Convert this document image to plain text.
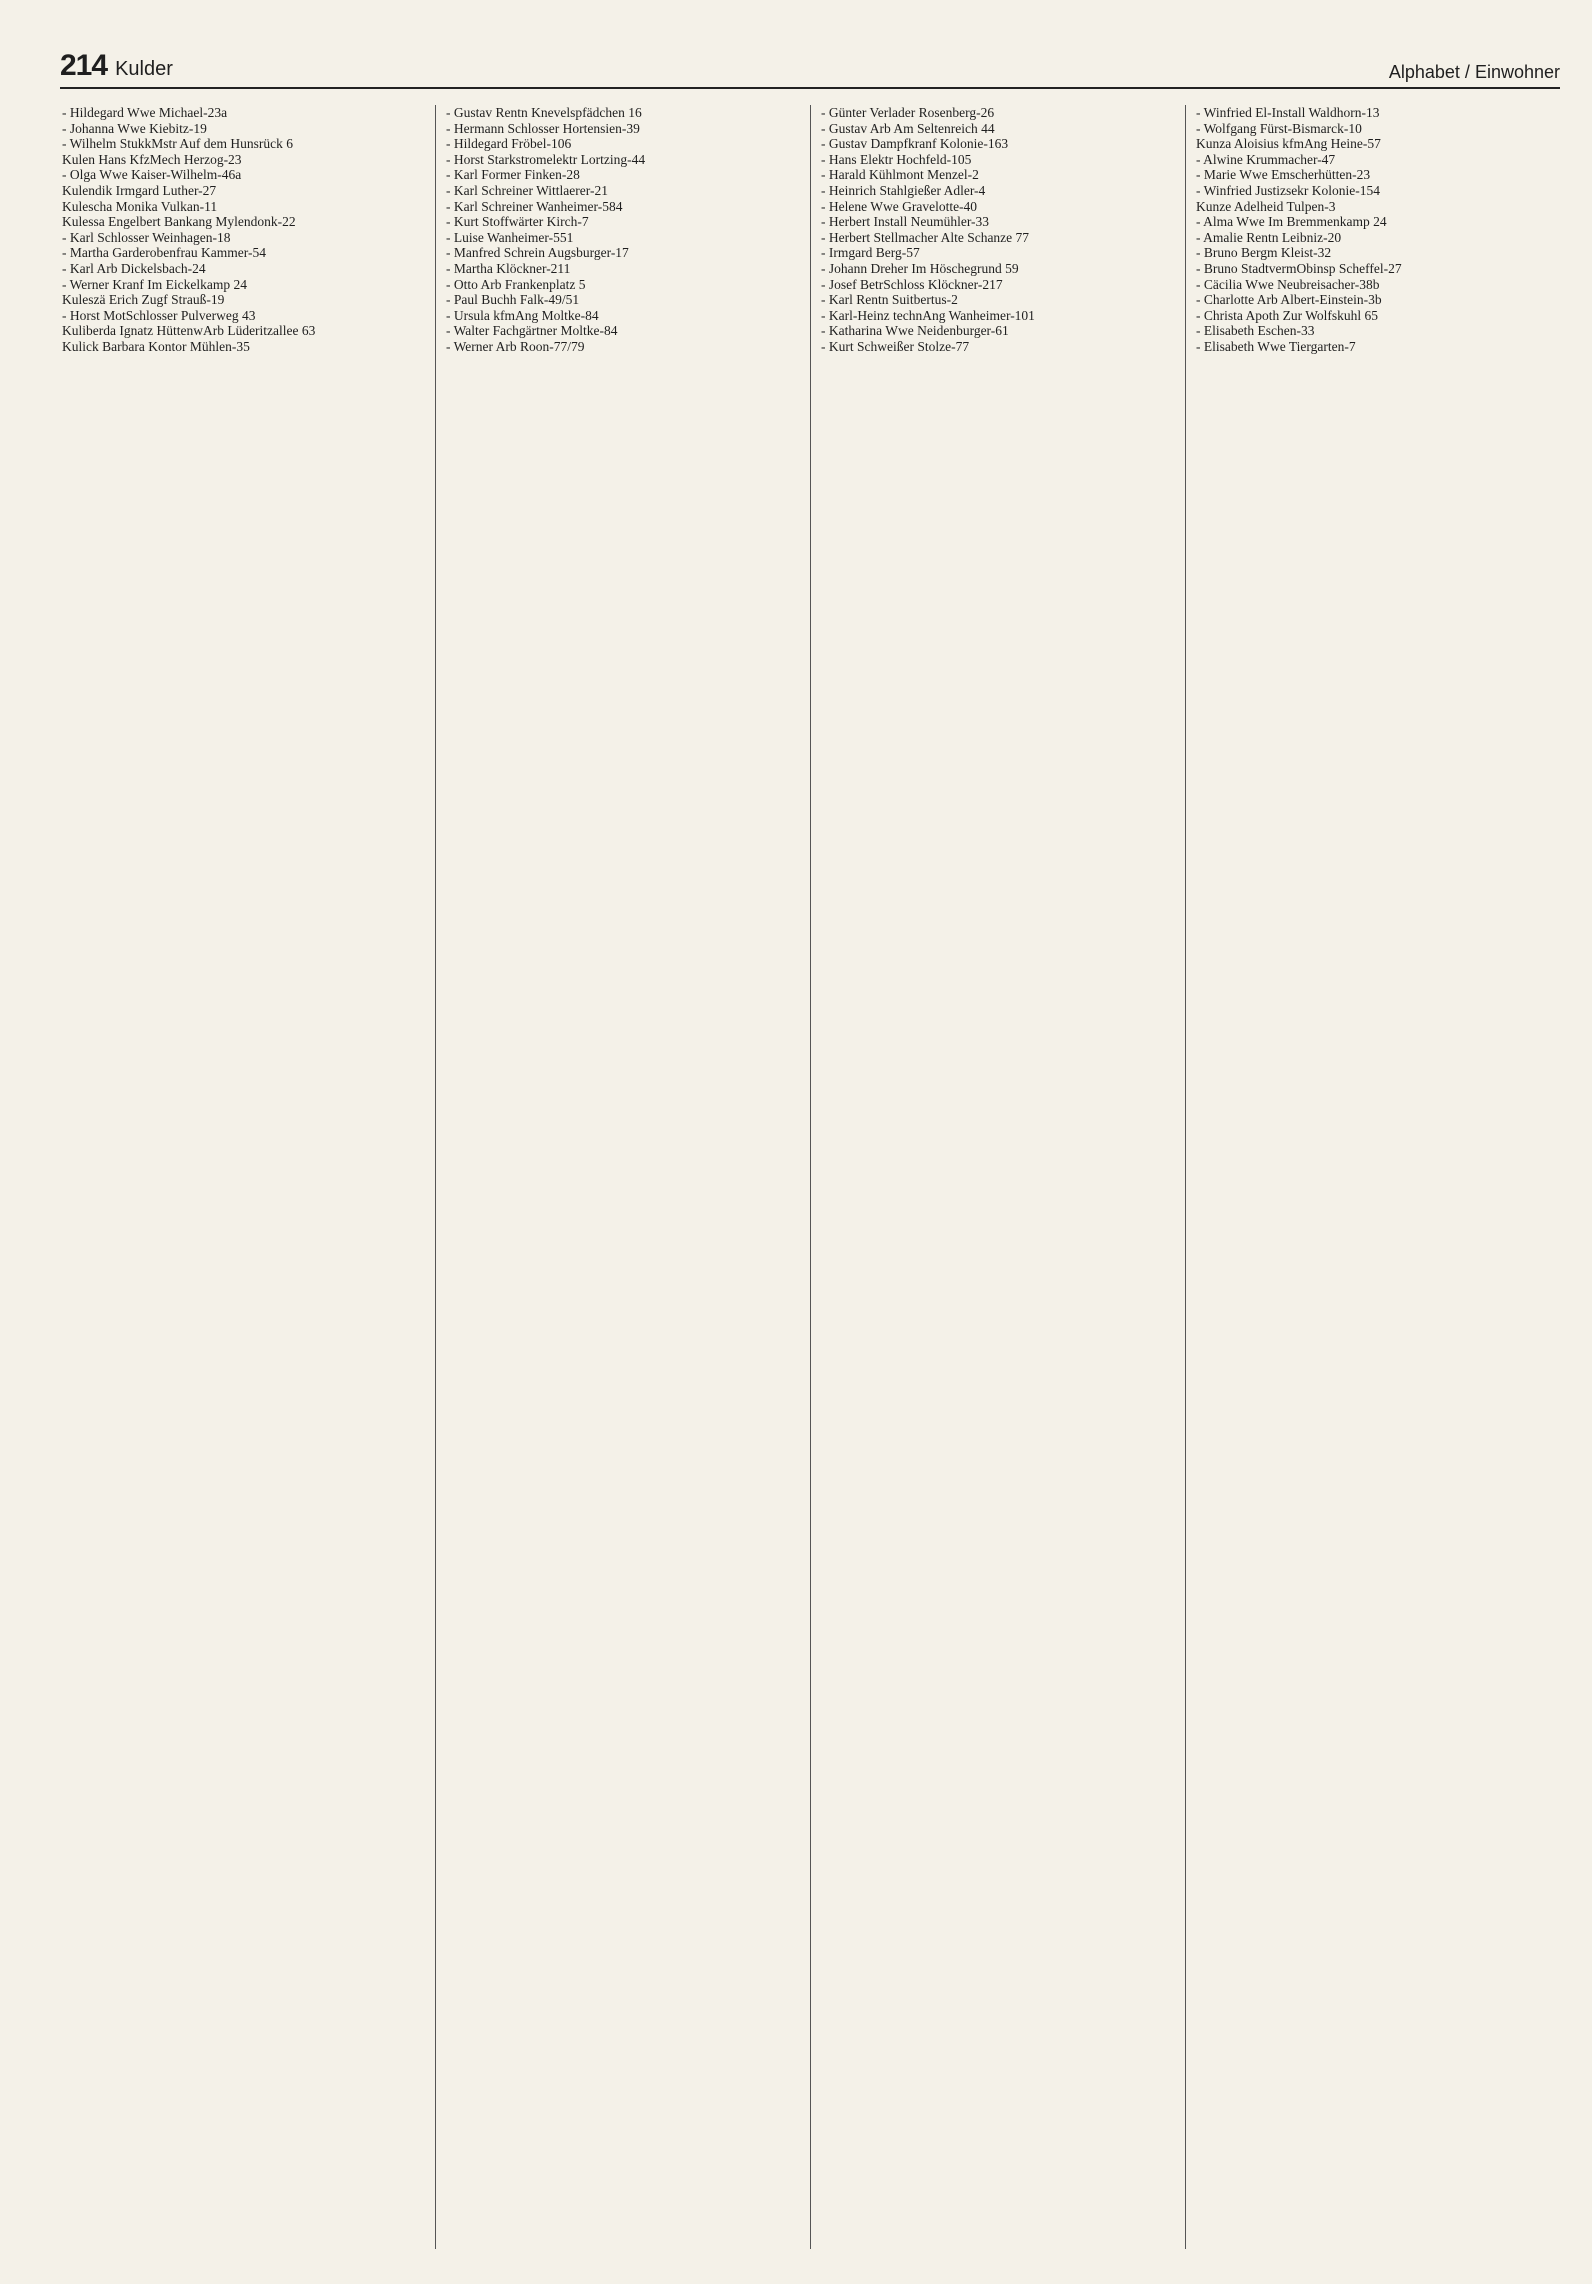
214 Kulder	Alphabet / Einwohner
- Hildegard Wwe Michael-23a
- Johanna Wwe Kiebitz-19
- Wilhelm StukkMstr Auf dem Hunsrück 6
Kulen Hans KfzMech Herzog-23
- Olga Wwe Kaiser-Wilhelm-46a
Kulendik Irmgard Luther-27
Kulescha Monika Vulkan-11
Kulessa Engelbert Bankang Mylendonk-22
- Karl Schlosser Weinhagen-18
- Martha Garderobenfrau Kammer-54
- Karl Arb Dickelsbach-24
- Werner Kranf Im Eickelkamp 24
Kuleszä Erich Zugf Strauß-19
- Horst MotSchlosser Pulverweg 43
Kuliberda Ignatz HüttenwArb Lüderitzallee 63
Kulick Barbara Kontor Mühlen-35
- Gustav Rentn Knevelspfädchen 16
- Hermann Schlosser Hortensien-39
- Hildegard Fröbel-106
- Horst Starkstromelektr Lortzing-44
- Karl Former Finken-28
- Karl Schreiner Wittlaerer-21
- Karl Schreiner Wanheimer-584
- Kurt Stoffwärter Kirch-7
- Luise Wanheimer-551
- Manfred Schrein Augsburger-17
- Martha Klöckner-211
- Otto Arb Frankenplatz 5
- Paul Buchh Falk-49/51
- Ursula kfmAng Moltke-84
- Walter Fachgärtner Moltke-84
- Werner Arb Roon-77/79
- Günter Verlader Rosenberg-26
- Gustav Arb Am Seltenreich 44
- Gustav Dampfkranf Kolonie-163
- Hans Elektr Hochfeld-105
- Harald Kühlmont Menzel-2
- Heinrich Stahlgießer Adler-4
- Helene Wwe Gravelotte-40
- Herbert Install Neumühler-33
- Herbert Stellmacher Alte Schanze 77
- Irmgard Berg-57
- Johann Dreher Im Höschegrund 59
- Josef BetrSchloss Klöckner-217
- Karl Rentn Suitbertus-2
- Karl-Heinz technAng Wanheimer-101
- Katharina Wwe Neidenburger-61
- Kurt Schweißer Stolze-77
- Winfried El-Install Waldhorn-13
- Wolfgang Fürst-Bismarck-10
Kunza Aloisius kfmAng Heine-57
- Alwine Krummacher-47
- Marie Wwe Emscherhütten-23
- Winfried Justizsekr Kolonie-154
Kunze Adelheid Tulpen-3
- Alma Wwe Im Bremmenkamp 24
- Amalie Rentn Leibniz-20
- Bruno Bergm Kleist-32
- Bruno StadtvermObinsp Scheffel-27
- Cäcilia Wwe Neubreisacher-38b
- Charlotte Arb Albert-Einstein-3b
- Christa Apoth Zur Wolfskuhl 65
- Elisabeth Eschen-33
- Elisabeth Wwe Tiergarten-7
